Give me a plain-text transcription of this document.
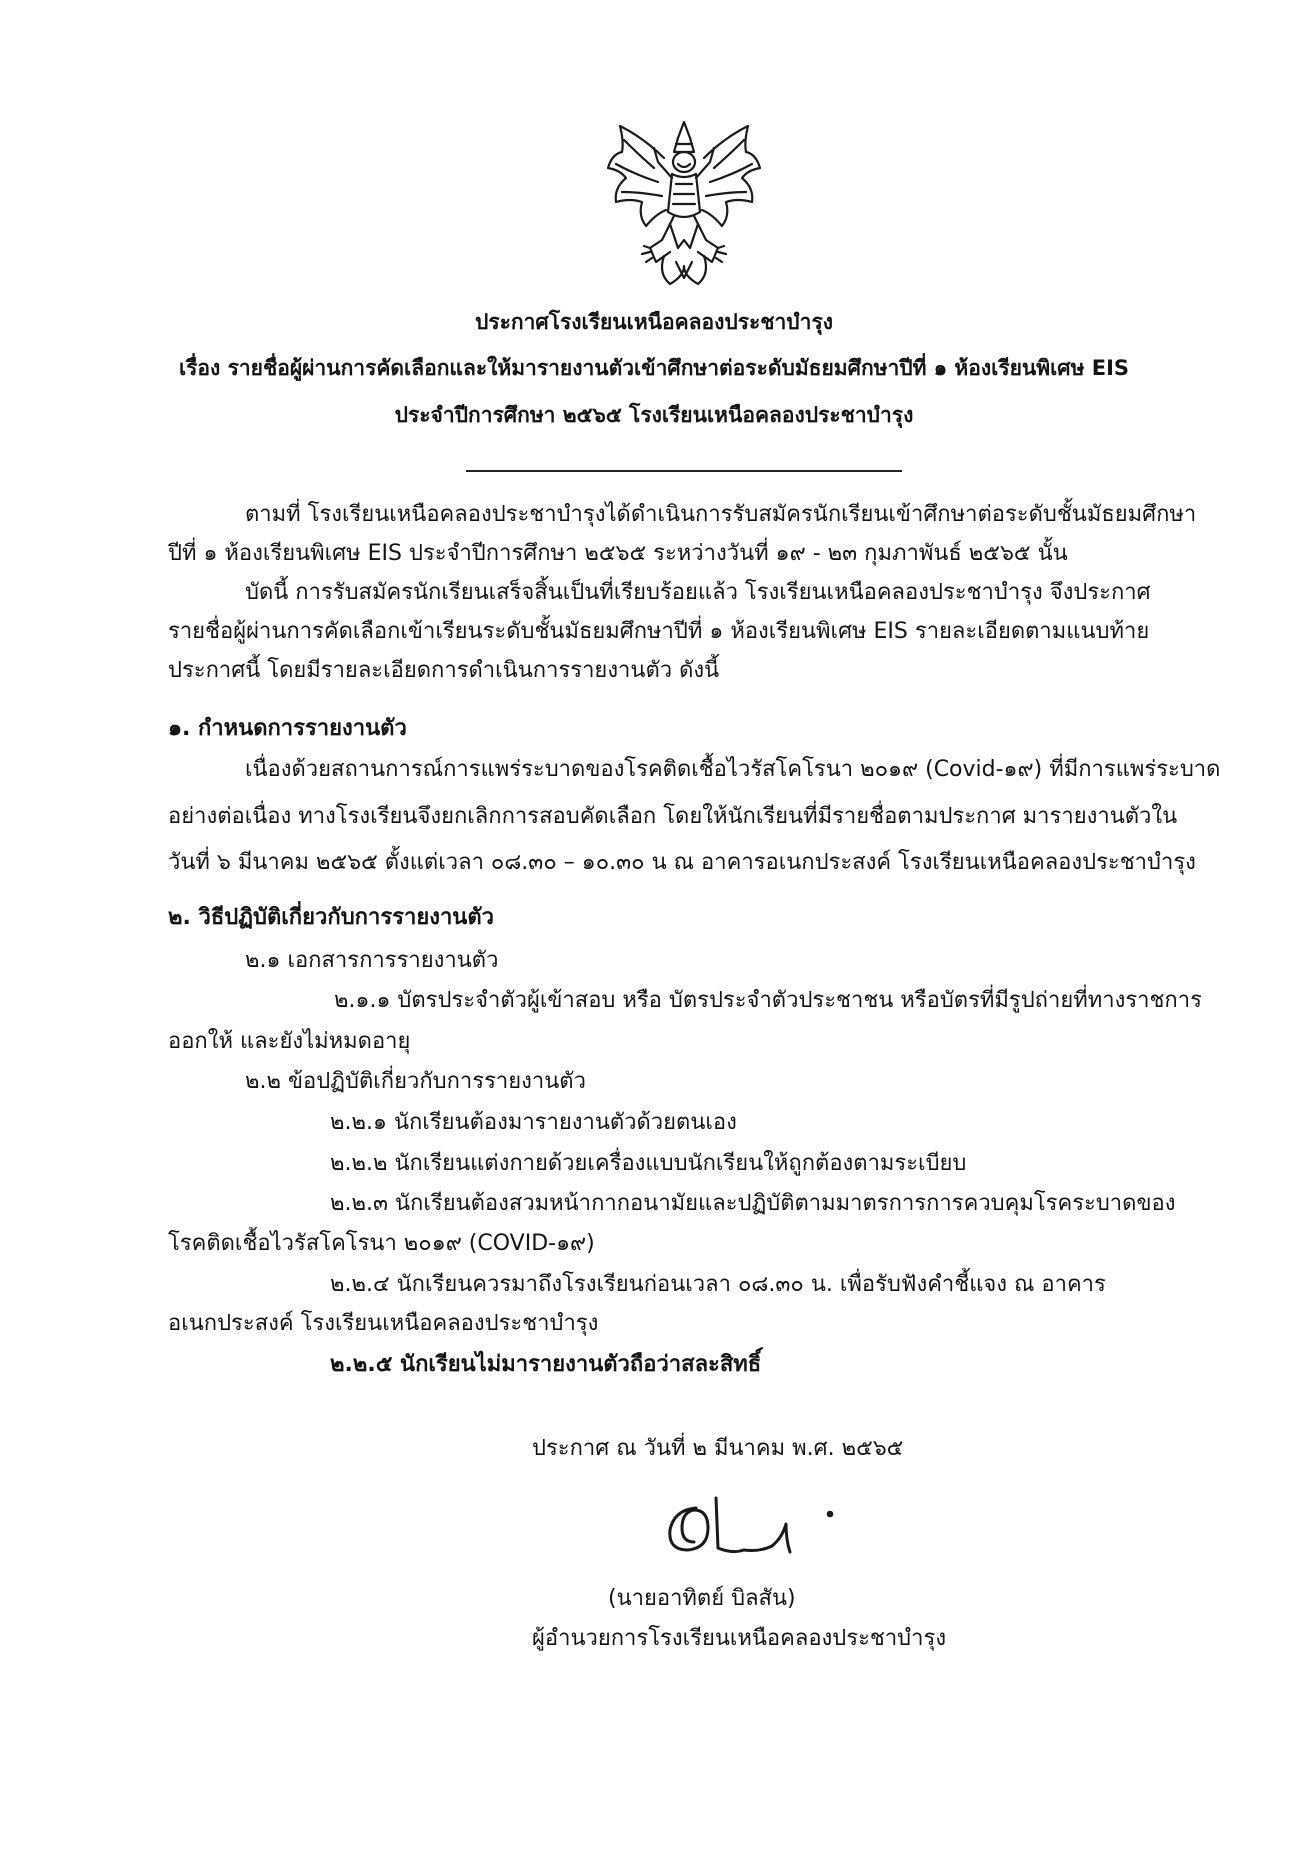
ประกาศโรงเรียนเหนือคลองประชาบำรุง
เรื่อง รายชื่อผู้ผ่านการคัดเลือกและให้มารายงานตัวเข้าศึกษาต่อระดับมัธยมศึกษาปีที่ ๑ ห้องเรียนพิเศษ EIS
ประจำปีการศึกษา ๒๕๖๕ โรงเรียนเหนือคลองประชาบำรุง
ตามที่ โรงเรียนเหนือคลองประชาบำรุงได้ดำเนินการรับสมัครนักเรียนเข้าศึกษาต่อระดับชั้นมัธยมศึกษา
ปีที่ ๑ ห้องเรียนพิเศษ EIS ประจำปีการศึกษา ๒๕๖๕ ระหว่างวันที่ ๑๙ - ๒๓ กุมภาพันธ์ ๒๕๖๕ นั้น
บัดนี้ การรับสมัครนักเรียนเสร็จสิ้นเป็นที่เรียบร้อยแล้ว โรงเรียนเหนือคลองประชาบำรุง จึงประกาศ
รายชื่อผู้ผ่านการคัดเลือกเข้าเรียนระดับชั้นมัธยมศึกษาปีที่ ๑ ห้องเรียนพิเศษ EIS รายละเอียดตามแนบท้าย
ประกาศนี้ โดยมีรายละเอียดการดำเนินการรายงานตัว ดังนี้
๑. กำหนดการรายงานตัว
เนื่องด้วยสถานการณ์การแพร่ระบาดของโรคติดเชื้อไวรัสโคโรนา ๒๐๑๙ (Covid-๑๙) ที่มีการแพร่ระบาด
อย่างต่อเนื่อง ทางโรงเรียนจึงยกเลิกการสอบคัดเลือก โดยให้นักเรียนที่มีรายชื่อตามประกาศ มารายงานตัวใน
วันที่ ๖ มีนาคม ๒๕๖๕ ตั้งแต่เวลา ๐๘.๓๐ – ๑๐.๓๐ น ณ อาคารอเนกประสงค์ โรงเรียนเหนือคลองประชาบำรุง
๒. วิธีปฏิบัติเกี่ยวกับการรายงานตัว
๒.๑ เอกสารการรายงานตัว
๒.๑.๑ บัตรประจำตัวผู้เข้าสอบ หรือ บัตรประจำตัวประชาชน หรือบัตรที่มีรูปถ่ายที่ทางราชการ
ออกให้ และยังไม่หมดอายุ
๒.๒ ข้อปฏิบัติเกี่ยวกับการรายงานตัว
๒.๒.๑ นักเรียนต้องมารายงานตัวด้วยตนเอง
๒.๒.๒ นักเรียนแต่งกายด้วยเครื่องแบบนักเรียนให้ถูกต้องตามระเบียบ
๒.๒.๓ นักเรียนต้องสวมหน้ากากอนามัยและปฏิบัติตามมาตรการการควบคุมโรคระบาดของ
โรคติดเชื้อไวรัสโคโรนา ๒๐๑๙ (COVID-๑๙)
๒.๒.๔ นักเรียนควรมาถึงโรงเรียนก่อนเวลา ๐๘.๓๐ น. เพื่อรับฟังคำชี้แจง ณ อาคาร
อเนกประสงค์ โรงเรียนเหนือคลองประชาบำรุง
๒.๒.๕ นักเรียนไม่มารายงานตัวถือว่าสละสิทธิ์
ประกาศ ณ วันที่ ๒ มีนาคม พ.ศ. ๒๕๖๕
(นายอาทิตย์ บิลสัน)
ผู้อำนวยการโรงเรียนเหนือคลองประชาบำรุง
